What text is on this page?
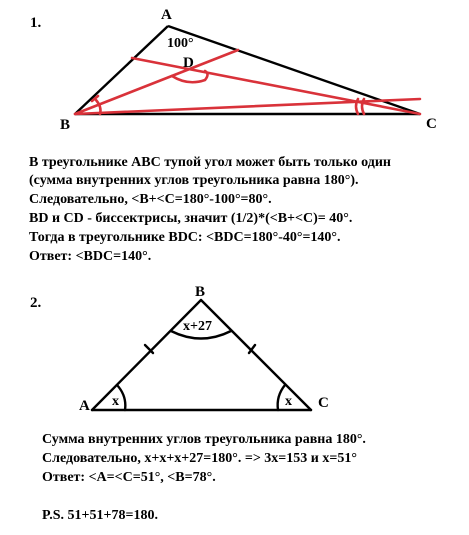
1.	A
100°
D
B	C
В треугольнике АВС тупой угол может быть только один
(сумма внутренних углов треугольника равна 180°).
Следовательно, <B+<C=180°-100°=80°.
BD и CD - биссектрисы, значит (1/2)*(<B+<C)= 40°.
Тогда в треугольнике BDC: <BDC=180°-40°=140°.
Ответ: <BDC=140°.
2.
B
x+27
A x	x C
Сумма внутренних углов треугольника равна 180°.
Следовательно, x+x+x+27=180°. => 3x=153 и x=51°
Ответ: <A=<C=51°, <B=78°.
P.S. 51+51+78=180.
